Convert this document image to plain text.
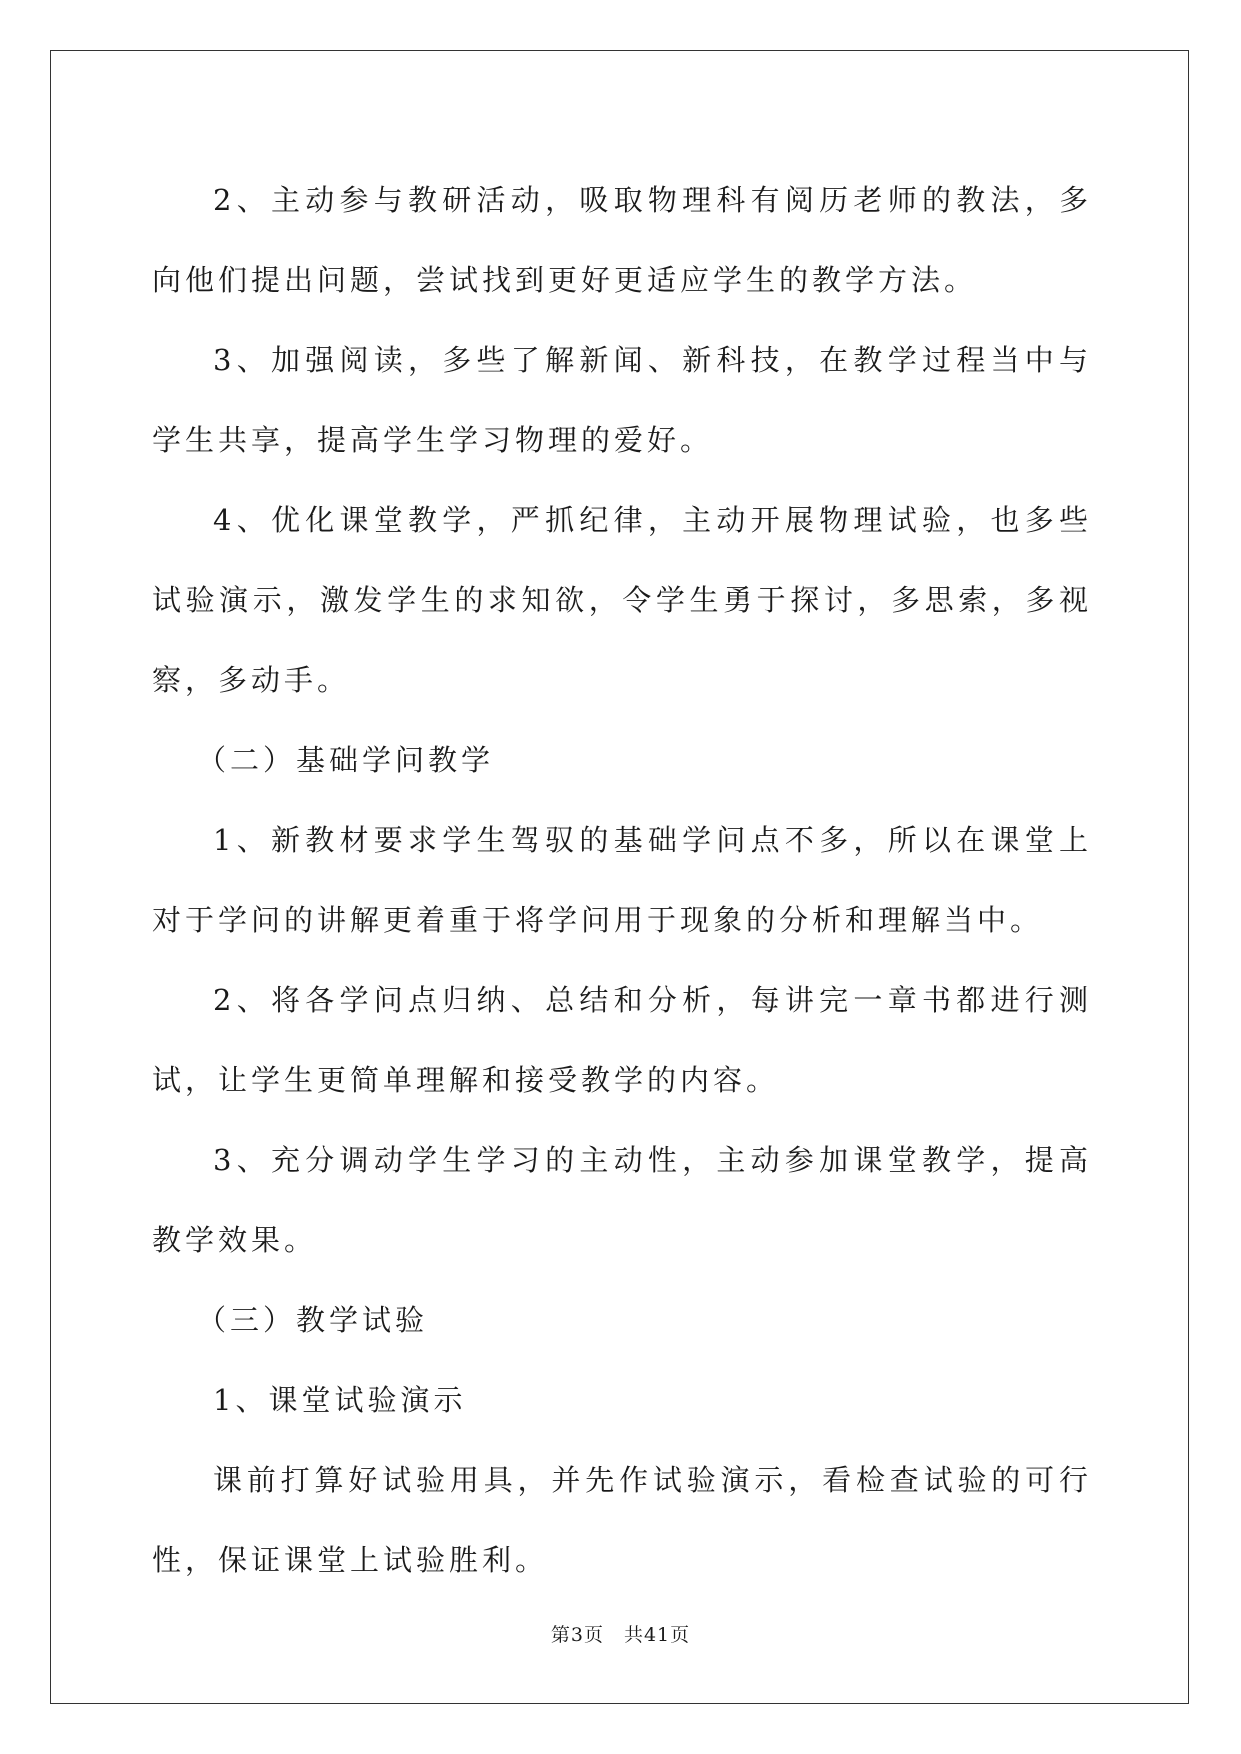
2、主动参与教研活动，吸取物理科有阅历老师的教法，多向他们提出问题，尝试找到更好更适应学生的教学方法。

3、加强阅读，多些了解新闻、新科技，在教学过程当中与学生共享，提高学生学习物理的爱好。

4、优化课堂教学，严抓纪律，主动开展物理试验，也多些试验演示，激发学生的求知欲，令学生勇于探讨，多思索，多视察，多动手。

（二）基础学问教学

1、新教材要求学生驾驭的基础学问点不多，所以在课堂上对于学问的讲解更着重于将学问用于现象的分析和理解当中。

2、将各学问点归纳、总结和分析，每讲完一章书都进行测试，让学生更简单理解和接受教学的内容。

3、充分调动学生学习的主动性，主动参加课堂教学，提高教学效果。

（三）教学试验

1、课堂试验演示

课前打算好试验用具，并先作试验演示，看检查试验的可行性，保证课堂上试验胜利。

第3页　共41页
